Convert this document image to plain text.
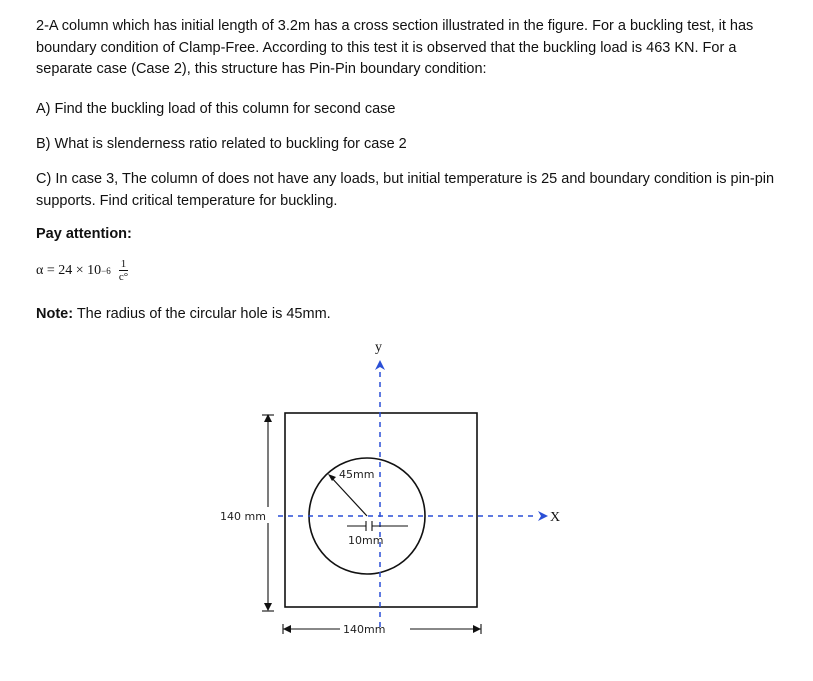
2-A column which has initial length of 3.2m has a cross section illustrated in the figure. For a buckling test, it has boundary condition of Clamp-Free. According to this test it is observed that the buckling load is 463 KN. For a separate case (Case 2), this structure has Pin-Pin boundary condition:

A) Find the buckling load of this column for second case

B) What is slenderness ratio related to buckling for case 2

C) In case 3, The column of does not have any loads, but initial temperature is 25 and boundary condition is pin-pin supports. Find critical temperature for buckling.

Pay attention:

$\alpha = 24 \times 10 -6 \frac{1}{c^\circ}$

Note: The radius of the circular hole is 45mm.

y
X
45mm
10mm
140 mm
140mm
